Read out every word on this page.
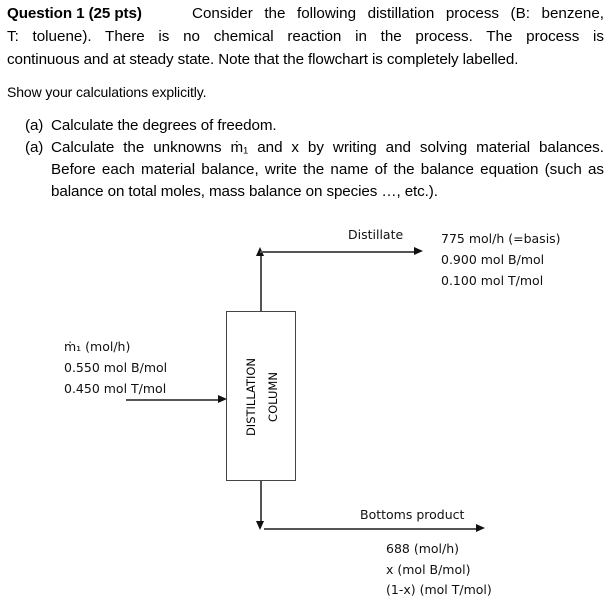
Question 1 (25 pts)	Consider the following distillation process (B: benzene,
T: toluene). There is no chemical reaction in the process. The process is
continuous and at steady state. Note that the flowchart is completely labelled.
Show your calculations explicitly.
(a) Calculate the degrees of freedom.
(a) Calculate the unknowns ṁ₁ and x by writing and solving material balances.
Before each material balance, write the name of the balance equation (such as
balance on total moles, mass balance on species …, etc.).
DISTILLATION COLUMN
Distillate	775 mol/h (=basis)
0.900 mol B/mol
0.100 mol T/mol
ṁ₁ (mol/h)
0.550 mol B/mol
0.450 mol T/mol
Bottoms product
688 (mol/h)
x (mol B/mol)
(1-x) (mol T/mol)
